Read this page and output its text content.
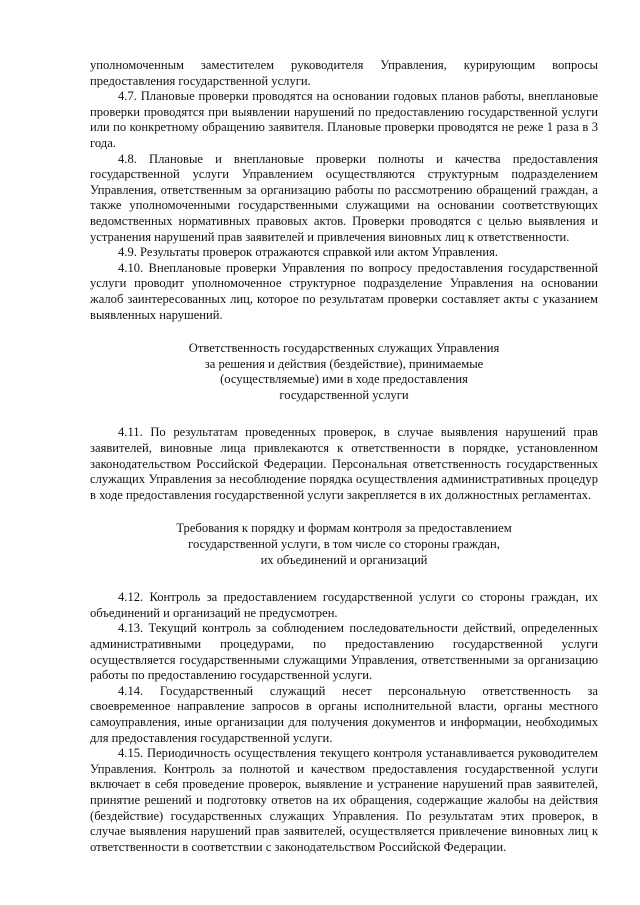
уполномоченным заместителем руководителя Управления, курирующим вопросы предоставления государственной услуги.

4.7. Плановые проверки проводятся на основании годовых планов работы, внеплановые проверки проводятся при выявлении нарушений по предоставлению государственной услуги или по конкретному обращению заявителя. Плановые проверки проводятся не реже 1 раза в 3 года.

4.8. Плановые и внеплановые проверки полноты и качества предоставления государственной услуги Управлением осуществляются структурным подразделением Управления, ответственным за организацию работы по рассмотрению обращений граждан, а также уполномоченными государственными служащими на основании соответствующих ведомственных нормативных правовых актов. Проверки проводятся с целью выявления и устранения нарушений прав заявителей и привлечения виновных лиц к ответственности.

4.9. Результаты проверок отражаются справкой или актом Управления.

4.10. Внеплановые проверки Управления по вопросу предоставления государственной услуги проводит уполномоченное структурное подразделение Управления на основании жалоб заинтересованных лиц, которое по результатам проверки составляет акты с указанием выявленных нарушений.

Ответственность государственных служащих Управления

за решения и действия (бездействие), принимаемые

(осуществляемые) ими в ходе предоставления

государственной услуги

4.11. По результатам проведенных проверок, в случае выявления нарушений прав заявителей, виновные лица привлекаются к ответственности в порядке, установленном законодательством Российской Федерации. Персональная ответственность государственных служащих Управления за несоблюдение порядка осуществления административных процедур в ходе предоставления государственной услуги закрепляется в их должностных регламентах.

Требования к порядку и формам контроля за предоставлением

государственной услуги, в том числе со стороны граждан,

их объединений и организаций

4.12. Контроль за предоставлением государственной услуги со стороны граждан, их объединений и организаций не предусмотрен.

4.13. Текущий контроль за соблюдением последовательности действий, определенных административными процедурами, по предоставлению государственной услуги осуществляется государственными служащими Управления, ответственными за организацию работы по предоставлению государственной услуги.

4.14. Государственный служащий несет персональную ответственность за своевременное направление запросов в органы исполнительной власти, органы местного самоуправления, иные организации для получения документов и информации, необходимых для предоставления государственной услуги.

4.15. Периодичность осуществления текущего контроля устанавливается руководителем Управления. Контроль за полнотой и качеством предоставления государственной услуги включает в себя проведение проверок, выявление и устранение нарушений прав заявителей, принятие решений и подготовку ответов на их обращения, содержащие жалобы на действия (бездействие) государственных служащих Управления. По результатам этих проверок, в случае выявления нарушений прав заявителей, осуществляется привлечение виновных лиц к ответственности в соответствии с законодательством Российской Федерации.
